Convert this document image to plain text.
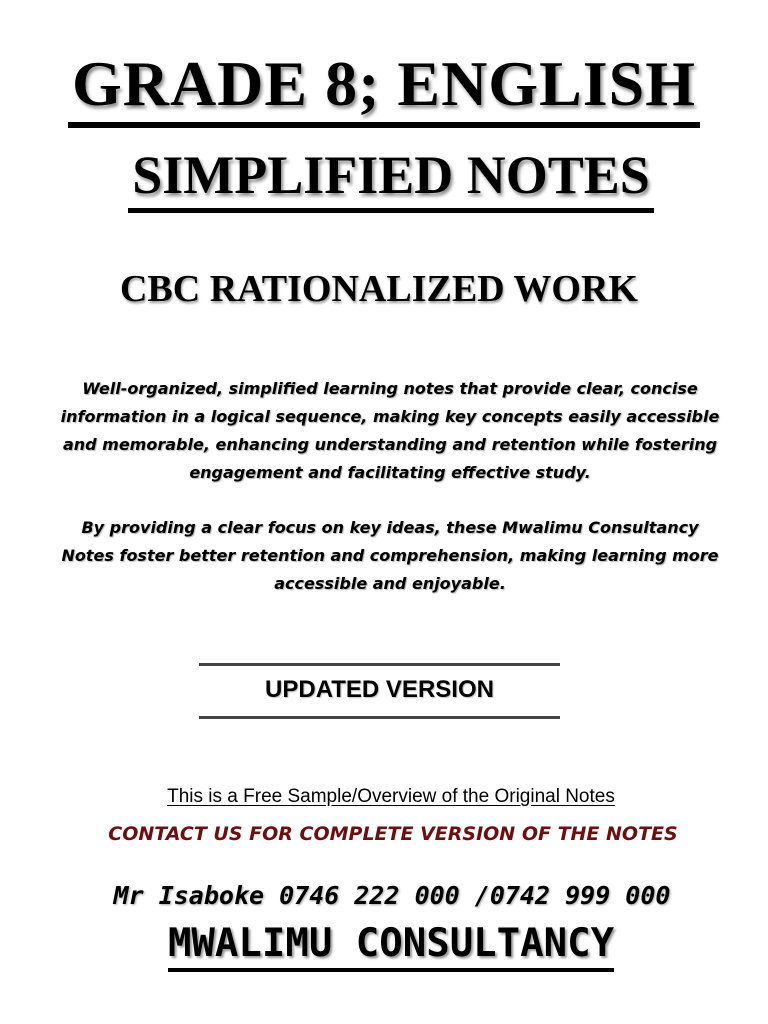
GRADE 8; ENGLISH
SIMPLIFIED NOTES
CBC RATIONALIZED WORK
Well-organized, simplified learning notes that provide clear, concise information in a logical sequence, making key concepts easily accessible and memorable, enhancing understanding and retention while fostering engagement and facilitating effective study.
By providing a clear focus on key ideas, these Mwalimu Consultancy Notes foster better retention and comprehension, making learning more accessible and enjoyable.
UPDATED VERSION
This is a Free Sample/Overview of the Original Notes
CONTACT US FOR COMPLETE VERSION OF THE NOTES
Mr Isaboke 0746 222 000 /0742 999 000
MWALIMU CONSULTANCY
